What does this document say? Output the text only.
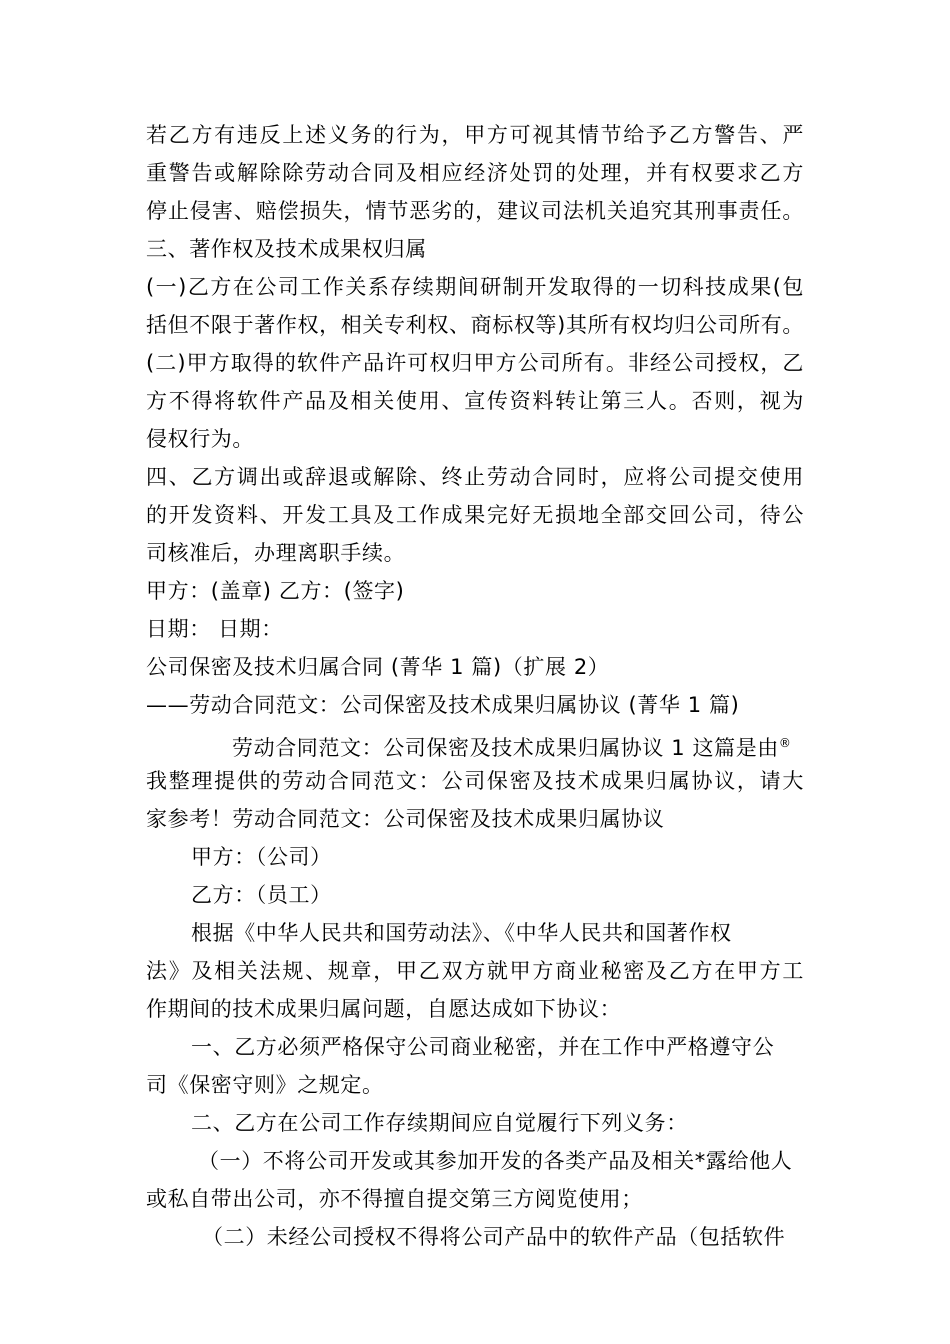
若乙方有违反上述义务的行为，甲方可视其情节给予乙方警告、严
重警告或解除除劳动合同及相应经济处罚的处理，并有权要求乙方
停止侵害、赔偿损失，情节恶劣的，建议司法机关追究其刑事责任。
三、著作权及技术成果权归属
(一)乙方在公司工作关系存续期间研制开发取得的一切科技成果(包
括但不限于著作权，相关专利权、商标权等)其所有权均归公司所有。
(二)甲方取得的软件产品许可权归甲方公司所有。非经公司授权，乙
方不得将软件产品及相关使用、宣传资料转让第三人。否则，视为
侵权行为。
四、乙方调出或辞退或解除、终止劳动合同时，应将公司提交使用
的开发资料、开发工具及工作成果完好无损地全部交回公司，待公
司核准后，办理离职手续。
甲方：(盖章) 乙方：(签字)
日期： 日期：
公司保密及技术归属合同 (菁华 1 篇)（扩展 2）
——劳动合同范文：公司保密及技术成果归属协议 (菁华 1 篇)
劳动合同范文：公司保密及技术成果归属协议 1 这篇是由®
我整理提供的劳动合同范文：公司保密及技术成果归属协议，请大
家参考！劳动合同范文：公司保密及技术成果归属协议
甲方：（公司）
乙方：（员工）
根据《中华人民共和国劳动法》、《中华人民共和国著作权
法》及相关法规、规章，甲乙双方就甲方商业秘密及乙方在甲方工
作期间的技术成果归属问题，自愿达成如下协议：
一、乙方必须严格保守公司商业秘密，并在工作中严格遵守公
司《保密守则》之规定。
二、乙方在公司工作存续期间应自觉履行下列义务：
（一）不将公司开发或其参加开发的各类产品及相关*露给他人
或私自带出公司，亦不得擅自提交第三方阅览使用；
（二）未经公司授权不得将公司产品中的软件产品（包括软件
